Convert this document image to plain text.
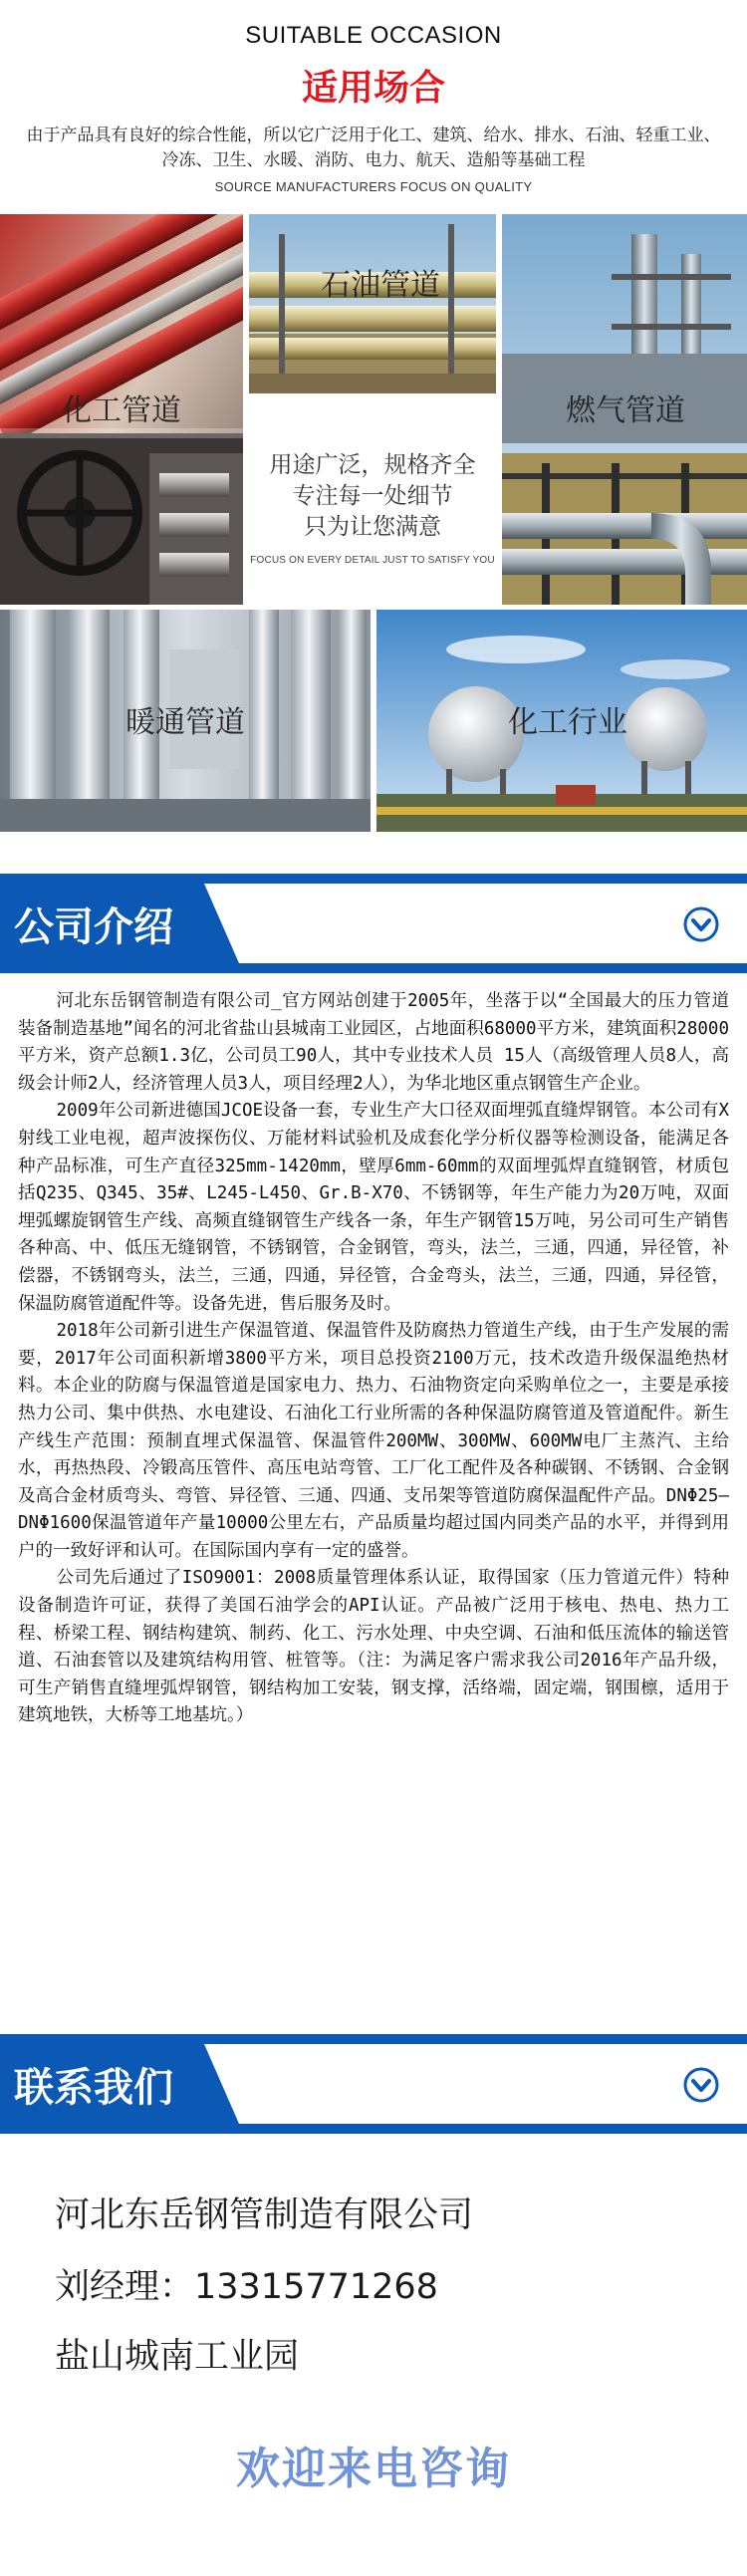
SUITABLE OCCASION
适用场合
由于产品具有良好的综合性能，所以它广泛用于化工、建筑、给水、排水、石油、轻重工业、冷冻、卫生、水暖、消防、电力、航天、造船等基础工程
SOURCE MANUFACTURERS FOCUS ON QUALITY
化工管道
石油管道
燃气管道
用途广泛，规格齐全
专注每一处细节
只为让您满意
FOCUS ON EVERY DETAIL JUST TO SATISFY YOU
暖通管道	化工行业
公司介绍

河北东岳钢管制造有限公司_官方网站创建于2005年，坐落于以“全国最大的压力管道装备制造基地”闻名的河北省盐山县城南工业园区，占地面积68000平方米，建筑面积28000平方米，资产总额1.3亿，公司员工90人，其中专业技术人员 15人（高级管理人员8人，高级会计师2人，经济管理人员3人，项目经理2人），为华北地区重点钢管生产企业。

2009年公司新进德国JCOE设备一套，专业生产大口径双面埋弧直缝焊钢管。本公司有X射线工业电视，超声波探伤仪、万能材料试验机及成套化学分析仪器等检测设备，能满足各种产品标准，可生产直径325mm-1420mm，壁厚6mm-60mm的双面埋弧焊直缝钢管，材质包括Q235、Q345、35#、L245-L450、Gr.B-X70、不锈钢等，年生产能力为20万吨，双面埋弧螺旋钢管生产线、高频直缝钢管生产线各一条，年生产钢管15万吨，另公司可生产销售各种高、中、低压无缝钢管，不锈钢管，合金钢管，弯头，法兰，三通，四通，异径管，补偿器，不锈钢弯头，法兰，三通，四通，异径管，合金弯头，法兰，三通，四通，异径管，保温防腐管道配件等。设备先进，售后服务及时。

2018年公司新引进生产保温管道、保温管件及防腐热力管道生产线，由于生产发展的需要，2017年公司面积新增3800平方米，项目总投资2100万元，技术改造升级保温绝热材料。本企业的防腐与保温管道是国家电力、热力、石油物资定向采购单位之一，主要是承接热力公司、集中供热、水电建设、石油化工行业所需的各种保温防腐管道及管道配件。新生产线生产范围：预制直埋式保温管、保温管件200MW、300MW、600MW电厂主蒸汽、主给水，再热热段、冷锻高压管件、高压电站弯管、工厂化工配件及各种碳钢、不锈钢、合金钢及高合金材质弯头、弯管、异径管、三通、四通、支吊架等管道防腐保温配件产品。DNΦ25—DNΦ1600保温管道年产量10000公里左右，产品质量均超过国内同类产品的水平，并得到用户的一致好评和认可。在国际国内享有一定的盛誉。

公司先后通过了ISO9001：2008质量管理体系认证，取得国家（压力管道元件）特种设备制造许可证，获得了美国石油学会的API认证。产品被广泛用于核电、热电、热力工程、桥梁工程、钢结构建筑、制药、化工、污水处理、中央空调、石油和低压流体的输送管道、石油套管以及建筑结构用管、桩管等。（注：为满足客户需求我公司2016年产品升级，可生产销售直缝埋弧焊钢管，钢结构加工安装，钢支撑，活络端，固定端，钢围檩，适用于建筑地铁，大桥等工地基坑。）

联系我们
河北东岳钢管制造有限公司
刘经理：13315771268
盐山城南工业园
欢迎来电咨询
